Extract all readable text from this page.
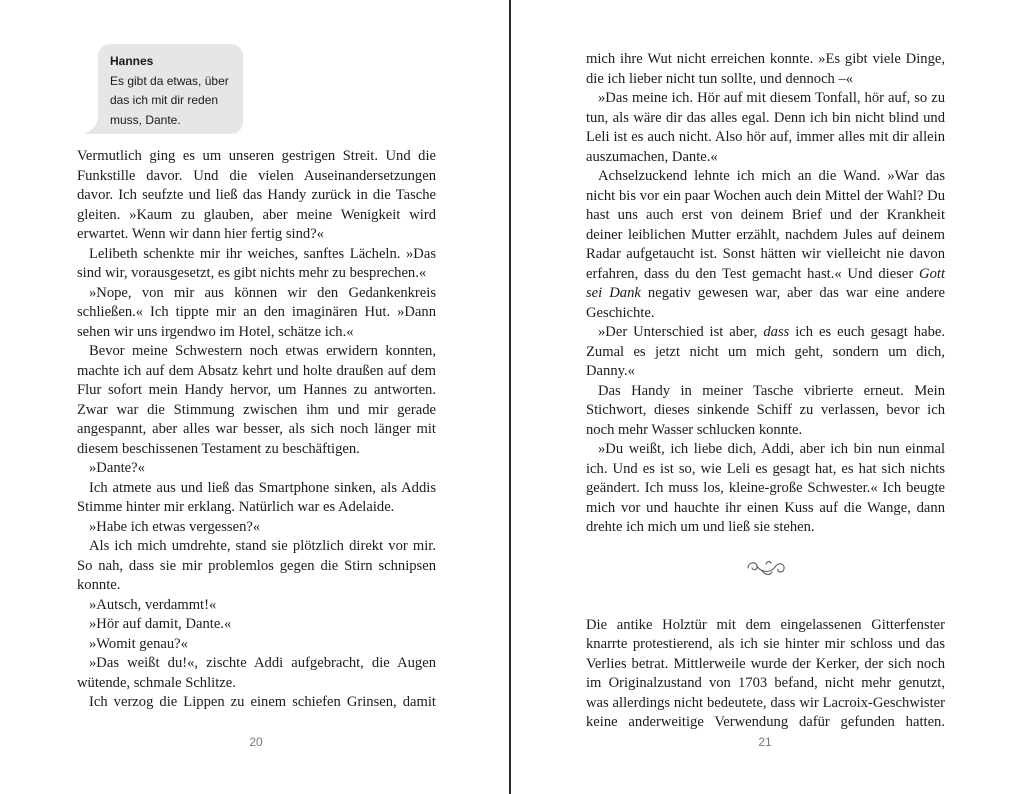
Hannes
Es gibt da etwas, über das ich mit dir reden muss, Dante.

Vermutlich ging es um unseren gestrigen Streit. Und die Funkstille davor. Und die vielen Auseinandersetzungen davor. Ich seufzte und ließ das Handy zurück in die Tasche gleiten. »Kaum zu glauben, aber meine Wenigkeit wird erwartet. Wenn wir dann hier fertig sind?«

Lelibeth schenkte mir ihr weiches, sanftes Lächeln. »Das sind wir, vorausgesetzt, es gibt nichts mehr zu besprechen.«

»Nope, von mir aus können wir den Gedankenkreis schließen.« Ich tippte mir an den imaginären Hut. »Dann sehen wir uns irgendwo im Hotel, schätze ich.«

Bevor meine Schwestern noch etwas erwidern konnten, machte ich auf dem Absatz kehrt und holte draußen auf dem Flur sofort mein Handy hervor, um Hannes zu antworten. Zwar war die Stimmung zwischen ihm und mir gerade angespannt, aber alles war besser, als sich noch länger mit diesem beschissenen Testament zu beschäftigen.

»Dante?«

Ich atmete aus und ließ das Smartphone sinken, als Addis Stimme hinter mir erklang. Natürlich war es Adelaide.

»Habe ich etwas vergessen?«

Als ich mich umdrehte, stand sie plötzlich direkt vor mir. So nah, dass sie mir problemlos gegen die Stirn schnipsen konnte.

»Autsch, verdammt!«

»Hör auf damit, Dante.«

»Womit genau?«

»Das weißt du!«, zischte Addi aufgebracht, die Augen wütende, schmale Schlitze.

Ich verzog die Lippen zu einem schiefen Grinsen, damit

20

mich ihre Wut nicht erreichen konnte. »Es gibt viele Dinge, die ich lieber nicht tun sollte, und dennoch –«

»Das meine ich. Hör auf mit diesem Tonfall, hör auf, so zu tun, als wäre dir das alles egal. Denn ich bin nicht blind und Leli ist es auch nicht. Also hör auf, immer alles mit dir allein auszumachen, Dante.«

Achselzuckend lehnte ich mich an die Wand. »War das nicht bis vor ein paar Wochen auch dein Mittel der Wahl? Du hast uns auch erst von deinem Brief und der Krankheit deiner leiblichen Mutter erzählt, nachdem Jules auf deinem Radar aufgetaucht ist. Sonst hätten wir vielleicht nie davon erfahren, dass du den Test gemacht hast.« Und dieser Gott sei Dank negativ gewesen war, aber das war eine andere Geschichte.

»Der Unterschied ist aber, dass ich es euch gesagt habe. Zumal es jetzt nicht um mich geht, sondern um dich, Danny.«

Das Handy in meiner Tasche vibrierte erneut. Mein Stichwort, dieses sinkende Schiff zu verlassen, bevor ich noch mehr Wasser schlucken konnte.

»Du weißt, ich liebe dich, Addi, aber ich bin nun einmal ich. Und es ist so, wie Leli es gesagt hat, es hat sich nichts geändert. Ich muss los, kleine-große Schwester.« Ich beugte mich vor und hauchte ihr einen Kuss auf die Wange, dann drehte ich mich um und ließ sie stehen.

Die antike Holztür mit dem eingelassenen Gitterfenster knarrte protestierend, als ich sie hinter mir schloss und das Verlies betrat. Mittlerweile wurde der Kerker, der sich noch im Originalzustand von 1703 befand, nicht mehr genutzt, was allerdings nicht bedeutete, dass wir Lacroix-Geschwister keine anderweitige Verwendung dafür gefunden hatten.

21
